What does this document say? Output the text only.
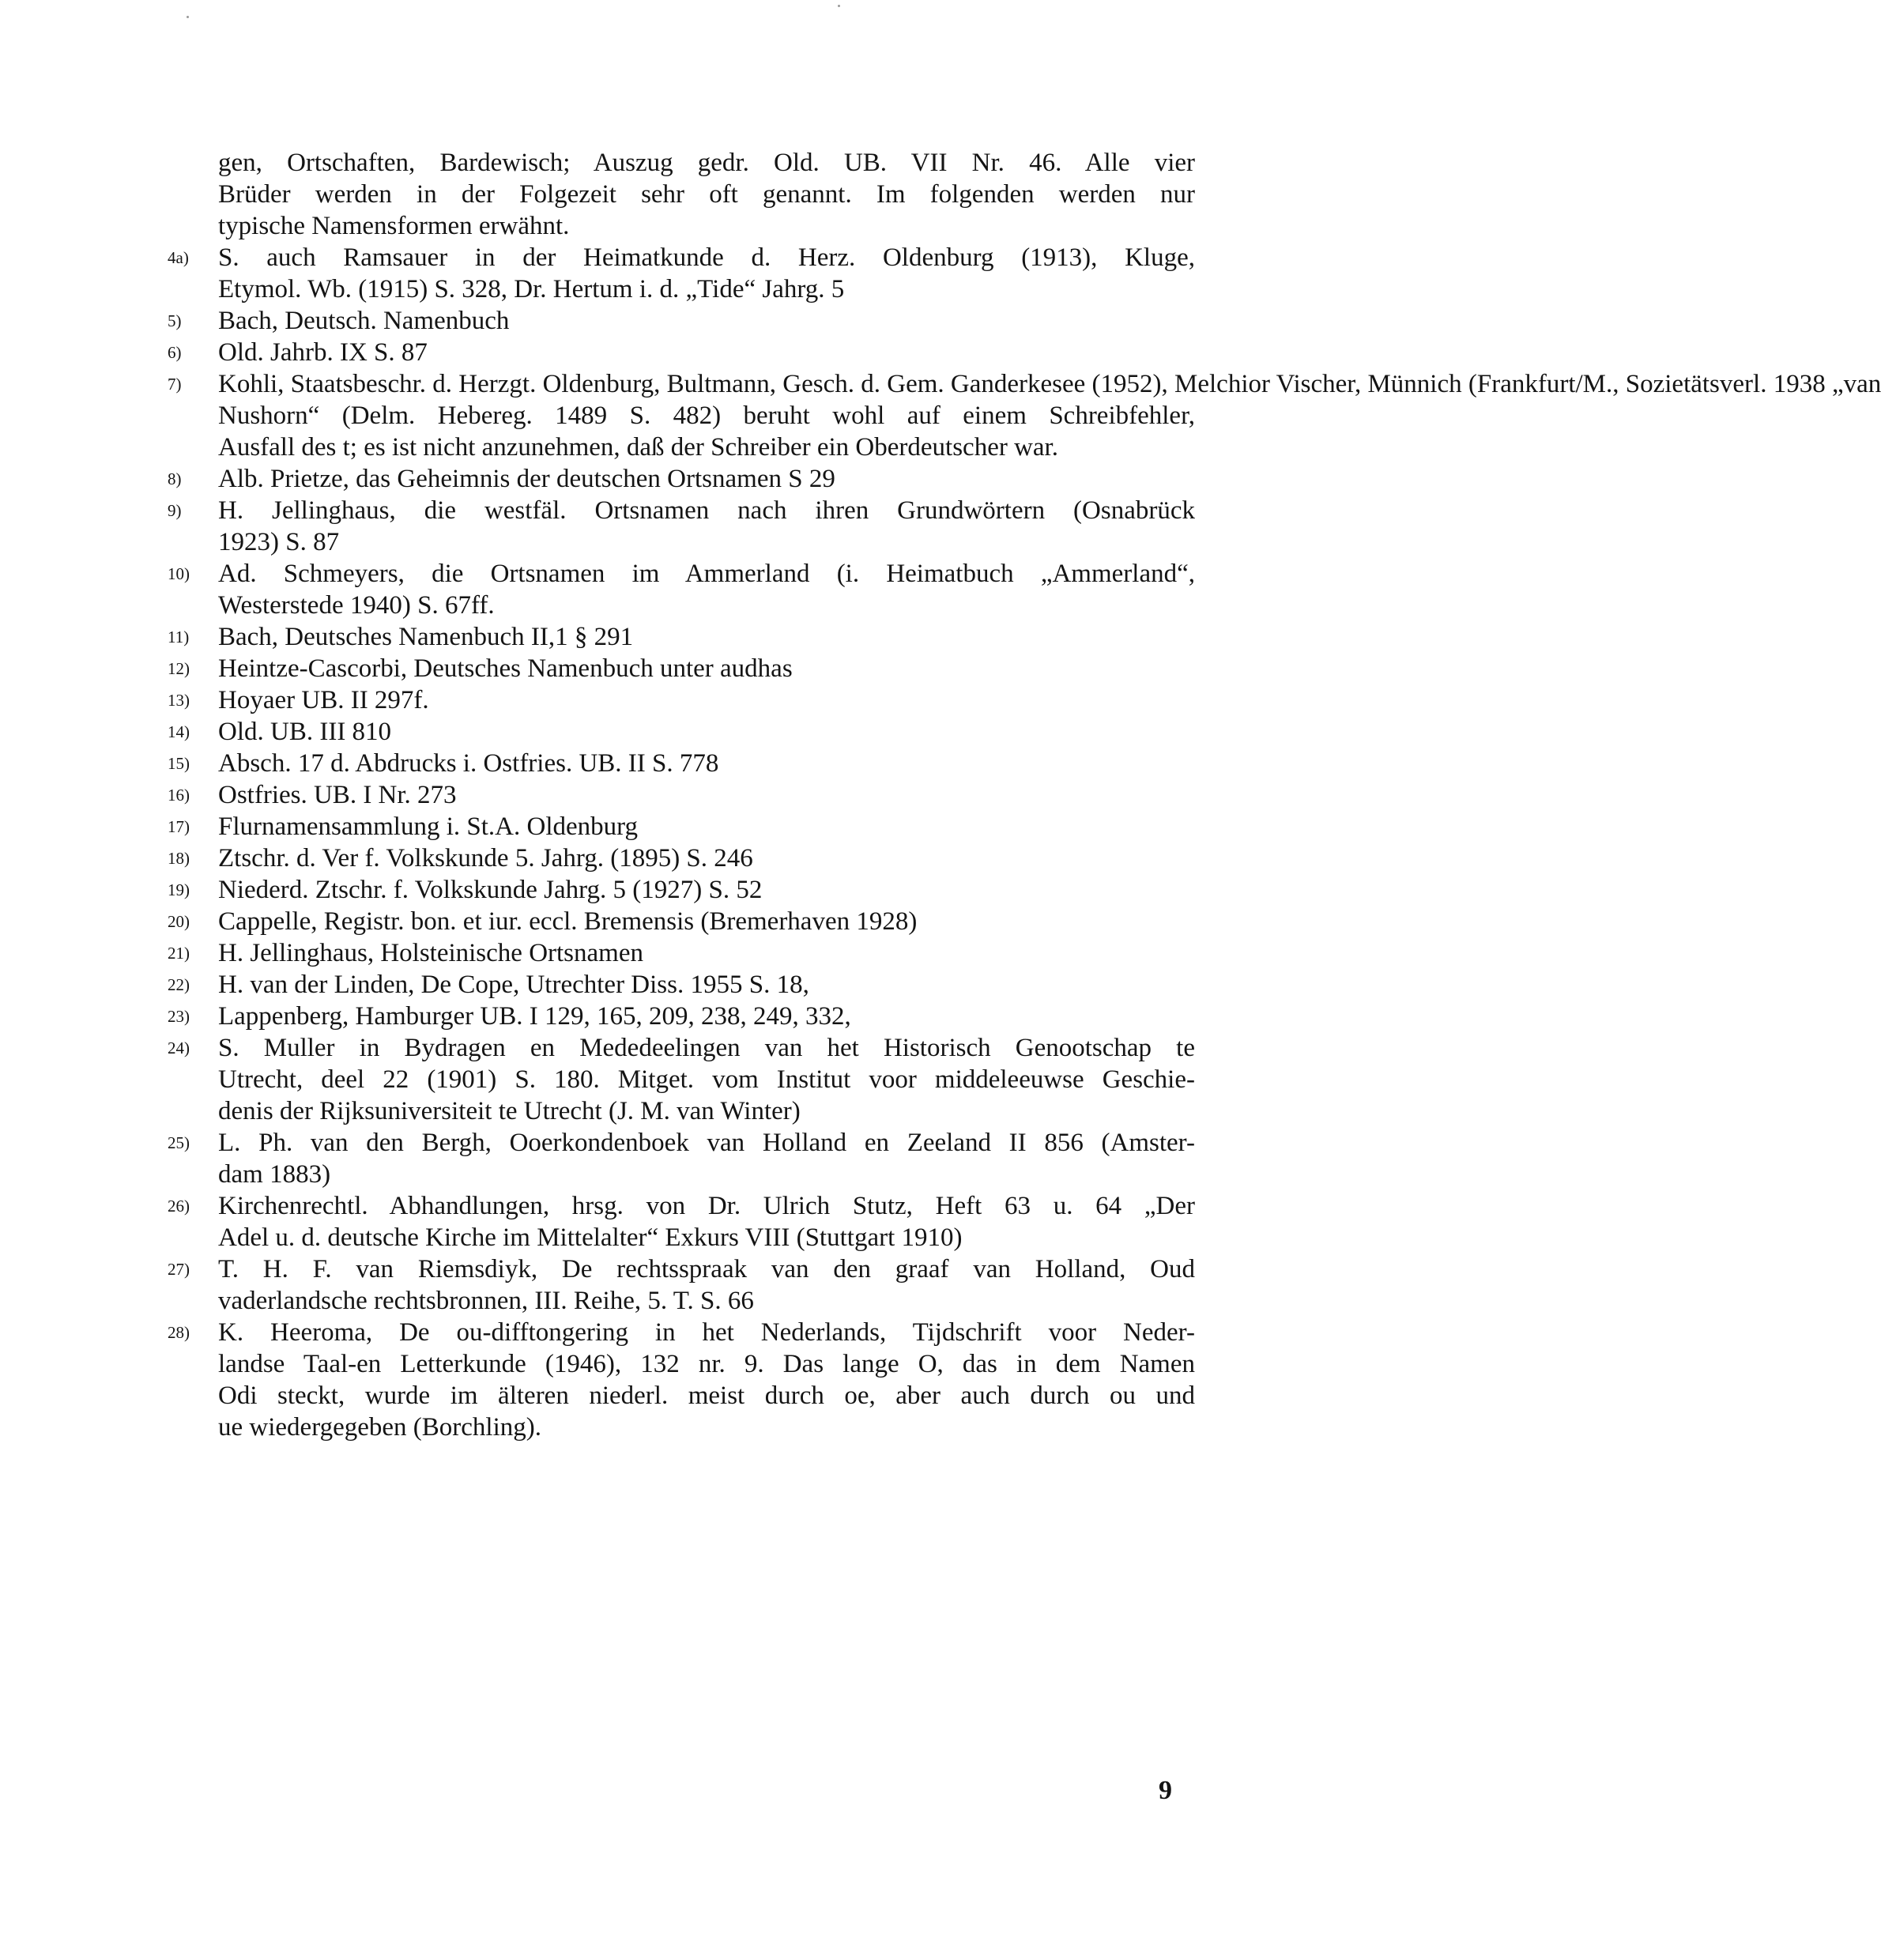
gen, Ortschaften, Bardewisch; Auszug gedr. Old. UB. VII Nr. 46. Alle vier
Brüder werden in der Folgezeit sehr oft genannt. Im folgenden werden nur
typische Namensformen erwähnt.
4a)	S. auch Ramsauer in der Heimatkunde d. Herz. Oldenburg (1913), Kluge,
Etymol. Wb. (1915) S. 328, Dr. Hertum i. d. „Tide“ Jahrg. 5
5)	Bach, Deutsch. Namenbuch
6)	Old. Jahrb. IX S. 87
7)	Kohli, Staatsbeschr. d. Herzgt. Oldenburg, Bultmann, Gesch. d. Gem. Ganderkesee (1952), Melchior Vischer, Münnich (Frankfurt/M., Sozietätsverl. 1938 „van
Nushorn“ (Delm. Hebereg. 1489 S. 482) beruht wohl auf einem Schreibfehler,
Ausfall des t; es ist nicht anzunehmen, daß der Schreiber ein Oberdeutscher war.
8)	Alb. Prietze, das Geheimnis der deutschen Ortsnamen S 29
9)	H. Jellinghaus, die westfäl. Ortsnamen nach ihren Grundwörtern (Osnabrück
1923) S. 87
10)	Ad. Schmeyers, die Ortsnamen im Ammerland (i. Heimatbuch „Ammerland“,
Westerstede 1940) S. 67ff.
11)	Bach, Deutsches Namenbuch II,1 § 291
12)	Heintze-Cascorbi, Deutsches Namenbuch unter audhas
13)	Hoyaer UB. II 297f.
14)	Old. UB. III 810
15)	Absch. 17 d. Abdrucks i. Ostfries. UB. II S. 778
16)	Ostfries. UB. I Nr. 273
17)	Flurnamensammlung i. St.A. Oldenburg
18)	Ztschr. d. Ver f. Volkskunde 5. Jahrg. (1895) S. 246
19)	Niederd. Ztschr. f. Volkskunde Jahrg. 5 (1927) S. 52
20)	Cappelle, Registr. bon. et iur. eccl. Bremensis (Bremerhaven 1928)
21)	H. Jellinghaus, Holsteinische Ortsnamen
22)	H. van der Linden, De Cope, Utrechter Diss. 1955 S. 18,
23)	Lappenberg, Hamburger UB. I 129, 165, 209, 238, 249, 332,
24)	S. Muller in Bydragen en Mededeelingen van het Historisch Genootschap te
Utrecht, deel 22 (1901) S. 180. Mitget. vom Institut voor middeleeuwse Geschie-
denis der Rijksuniversiteit te Utrecht (J. M. van Winter)
25)	L. Ph. van den Bergh, Ooerkondenboek van Holland en Zeeland II 856 (Amster-
dam 1883)
26)	Kirchenrechtl. Abhandlungen, hrsg. von Dr. Ulrich Stutz, Heft 63 u. 64 „Der
Adel u. d. deutsche Kirche im Mittelalter“ Exkurs VIII (Stuttgart 1910)
27)	T. H. F. van Riemsdiyk, De rechtsspraak van den graaf van Holland, Oud
vaderlandsche rechtsbronnen, III. Reihe, 5. T. S. 66
28)	K. Heeroma, De ou-difftongering in het Nederlands, Tijdschrift voor Neder-
landse Taal-en Letterkunde (1946), 132 nr. 9. Das lange O, das in dem Namen
Odi steckt, wurde im älteren niederl. meist durch oe, aber auch durch ou und
ue wiedergegeben (Borchling).
9
